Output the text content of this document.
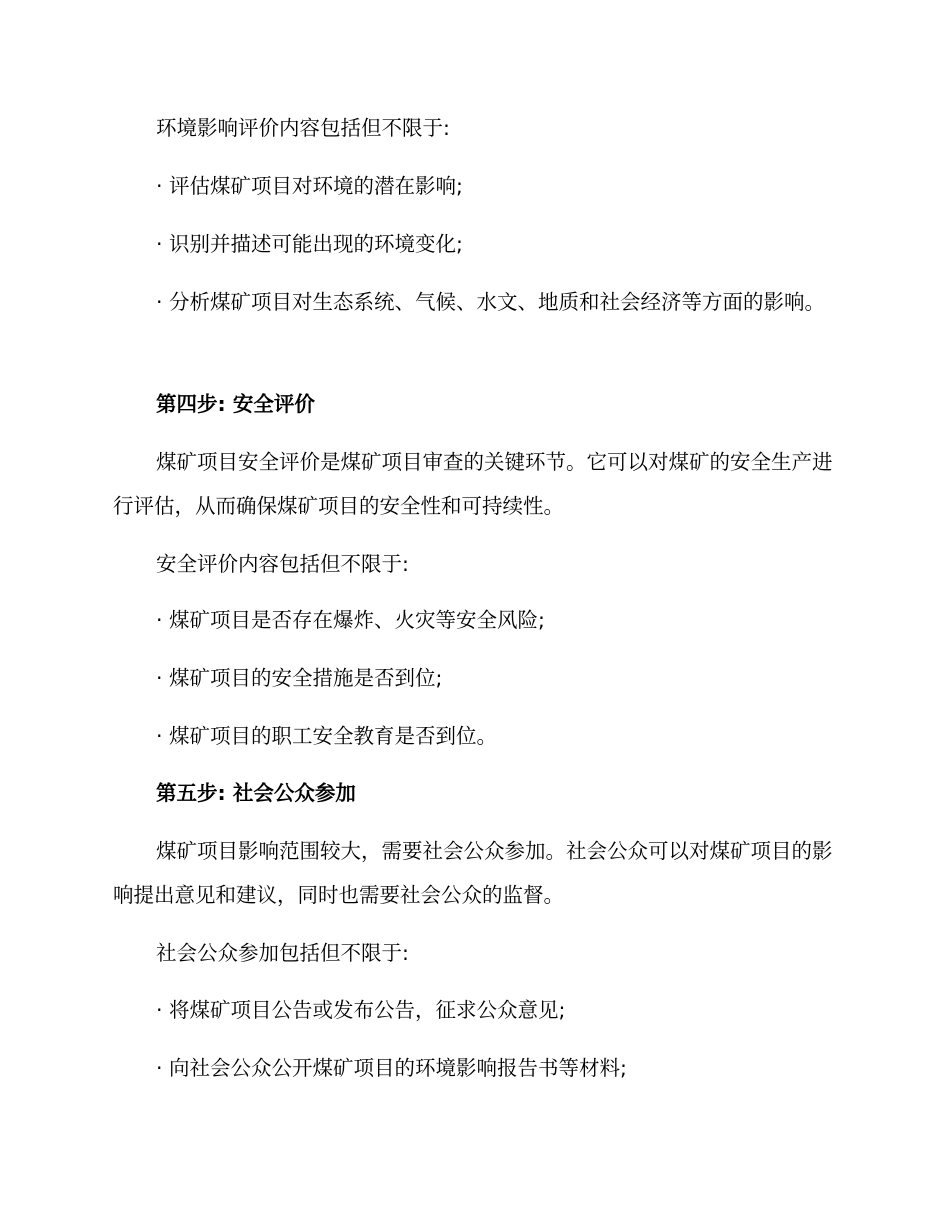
环境影响评价内容包括但不限于:

· 评估煤矿项目对环境的潜在影响;

· 识别并描述可能出现的环境变化;

· 分析煤矿项目对生态系统、气候、水文、地质和社会经济等方面的影响。

第四步: 安全评价

煤矿项目安全评价是煤矿项目审查的关键环节。它可以对煤矿的安全生产进行评估，从而确保煤矿项目的安全性和可持续性。

安全评价内容包括但不限于:

· 煤矿项目是否存在爆炸、火灾等安全风险;

· 煤矿项目的安全措施是否到位;

· 煤矿项目的职工安全教育是否到位。

第五步: 社会公众参加

煤矿项目影响范围较大，需要社会公众参加。社会公众可以对煤矿项目的影响提出意见和建议，同时也需要社会公众的监督。

社会公众参加包括但不限于:

· 将煤矿项目公告或发布公告，征求公众意见;

· 向社会公众公开煤矿项目的环境影响报告书等材料;
